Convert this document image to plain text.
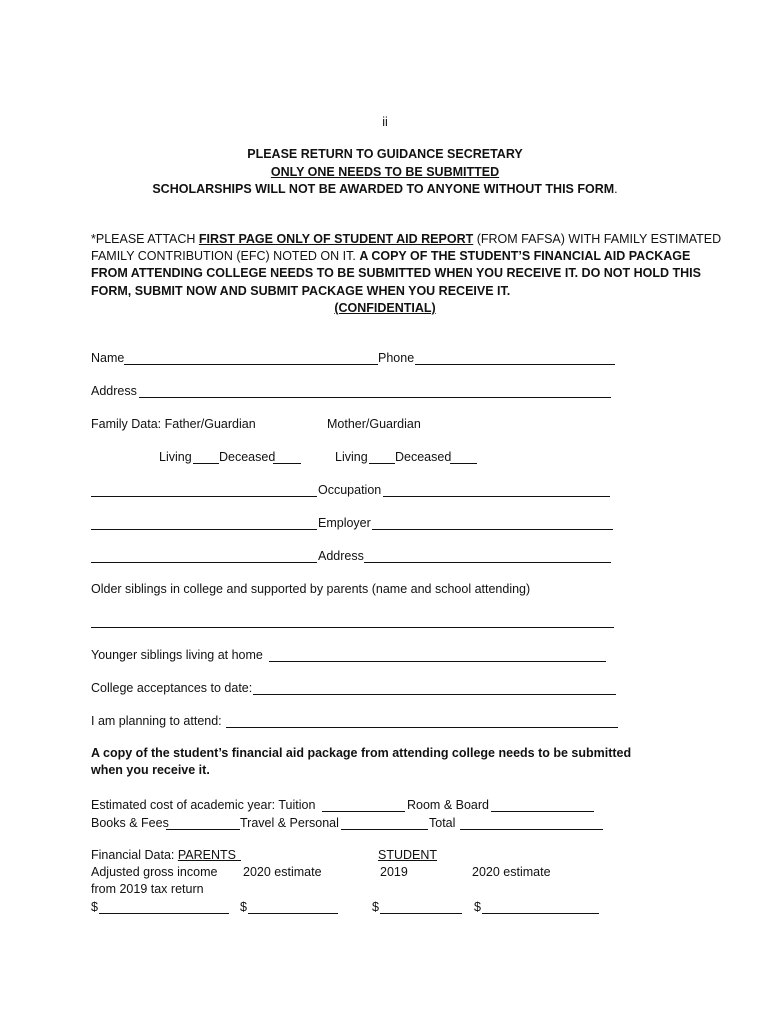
ii
PLEASE RETURN TO GUIDANCE SECRETARY
ONLY ONE NEEDS TO BE SUBMITTED
SCHOLARSHIPS WILL NOT BE AWARDED TO ANYONE WITHOUT THIS FORM.
*PLEASE ATTACH FIRST PAGE ONLY OF STUDENT AID REPORT (FROM FAFSA) WITH FAMILY ESTIMATED
FAMILY CONTRIBUTION (EFC) NOTED ON IT. A COPY OF THE STUDENT’S FINANCIAL AID PACKAGE
FROM ATTENDING COLLEGE NEEDS TO BE SUBMITTED WHEN YOU RECEIVE IT. DO NOT HOLD THIS
FORM, SUBMIT NOW AND SUBMIT PACKAGE WHEN YOU RECEIVE IT.
(CONFIDENTIAL)
Name	Phone
Address
Family Data: Father/Guardian	Mother/Guardian
Living Deceased	Living Deceased
Occupation
Employer
Address
Older siblings in college and supported by parents (name and school attending)
Younger siblings living at home
College acceptances to date:
I am planning to attend:
A copy of the student’s financial aid package from attending college needs to be submitted
when you receive it.
Estimated cost of academic year: Tuition	Room & Board
Books & Fees	Travel & Personal	Total
Financial Data: PARENTS	STUDENT
Adjusted gross income 2020 estimate	2019	2020 estimate
from 2019 tax return
$	$	$	$
